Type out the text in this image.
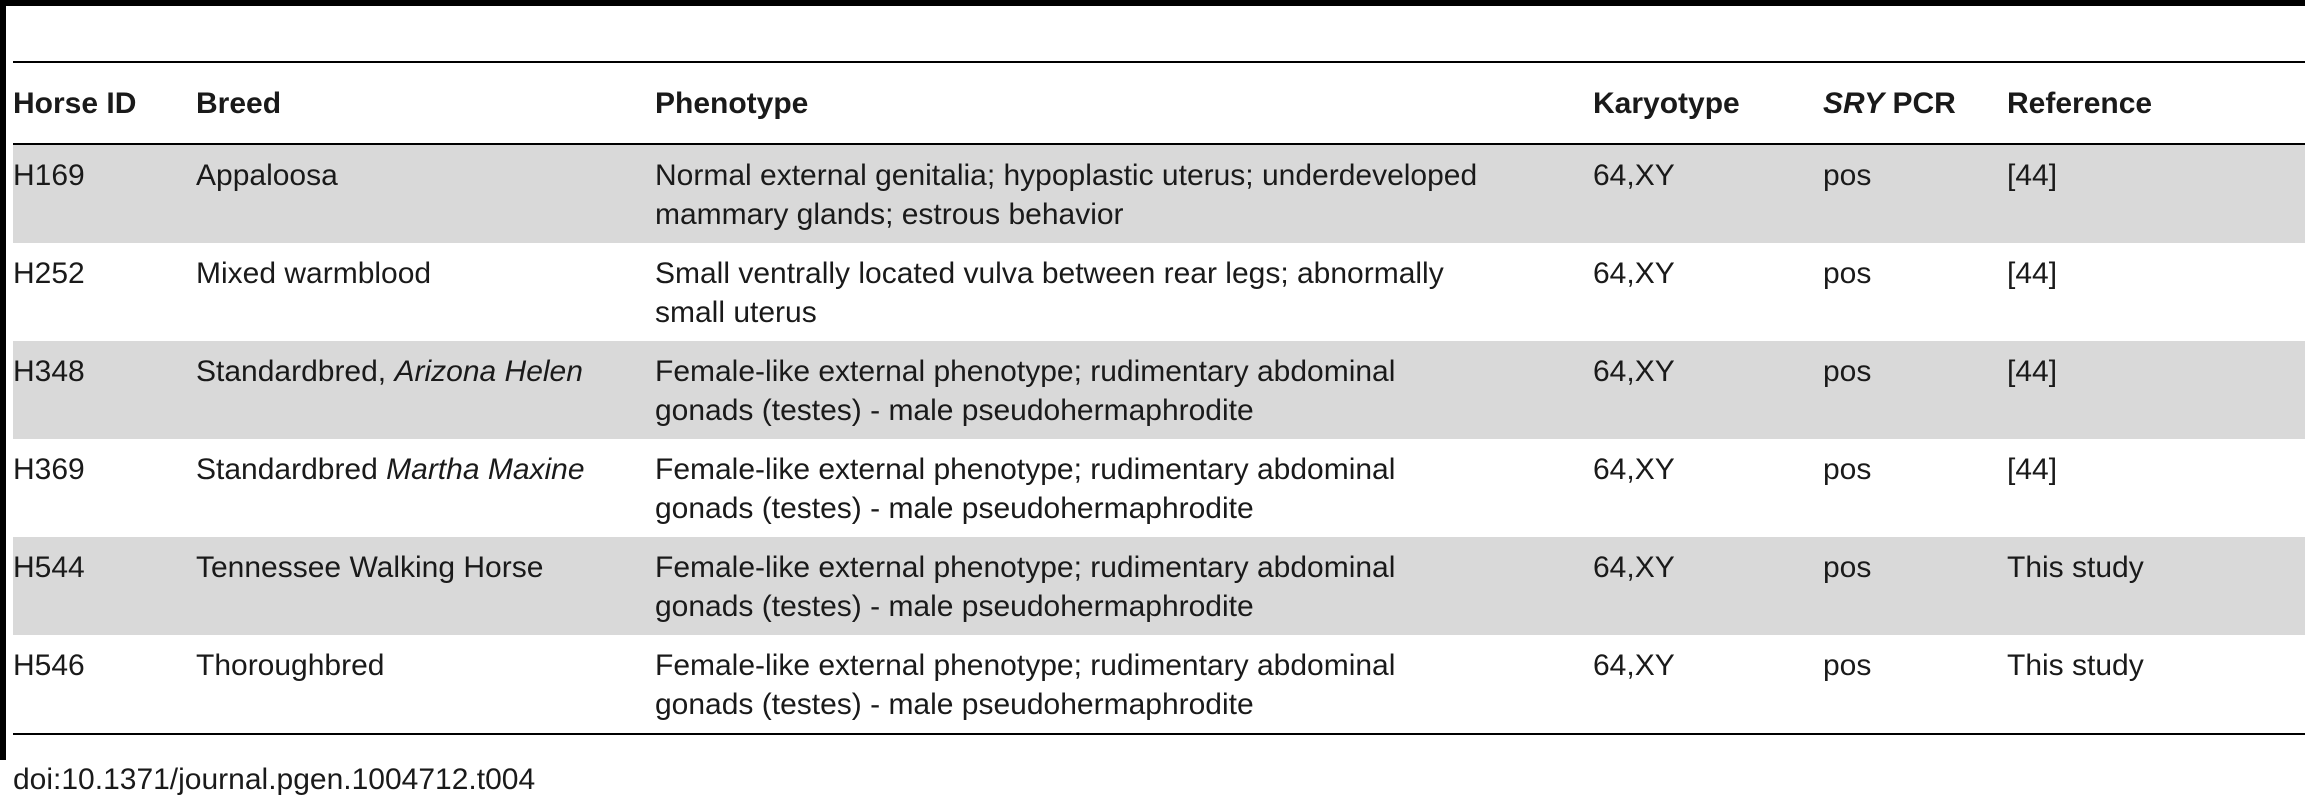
Horse ID	Breed	Phenotype	Karyotype	SRY PCR	Reference

H169	Appaloosa	Normal external genitalia; hypoplastic uterus; underdeveloped
mammary glands; estrous behavior	64,XY	pos	[44]

H252	Mixed warmblood	Small ventrally located vulva between rear legs; abnormally
small uterus	64,XY	pos	[44]

H348	Standardbred, Arizona Helen	Female-like external phenotype; rudimentary abdominal
gonads (testes) - male pseudohermaphrodite	64,XY	pos	[44]

H369	Standardbred Martha Maxine	Female-like external phenotype; rudimentary abdominal
gonads (testes) - male pseudohermaphrodite	64,XY	pos	[44]

H544	Tennessee Walking Horse	Female-like external phenotype; rudimentary abdominal
gonads (testes) - male pseudohermaphrodite	64,XY	pos	This study

H546	Thoroughbred	Female-like external phenotype; rudimentary abdominal
gonads (testes) - male pseudohermaphrodite	64,XY	pos	This study
doi:10.1371/journal.pgen.1004712.t004
